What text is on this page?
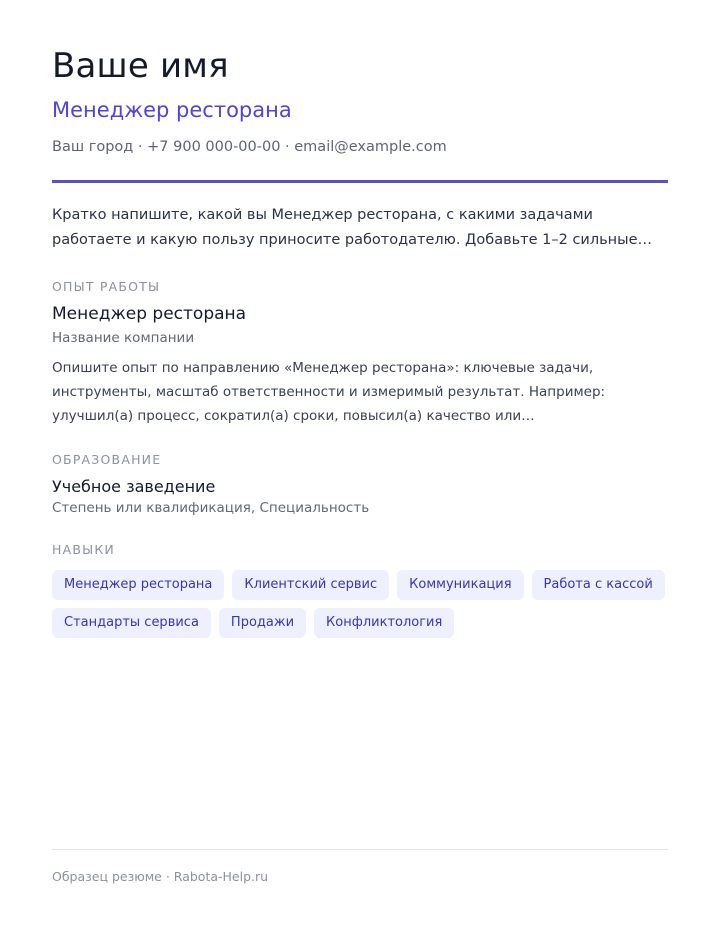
Ваше имя
Менеджер ресторана
Ваш город · +7 900 000-00-00 · email@example.com

Кратко напишите, какой вы Менеджер ресторана, с какими задачами работаете и какую пользу приносите работодателю. Добавьте 1–2 сильные…

ОПЫТ РАБОТЫ
Менеджер ресторана
Название компании

Опишите опыт по направлению «Менеджер ресторана»: ключевые задачи, инструменты, масштаб ответственности и измеримый результат. Например: улучшил(а) процесс, сократил(а) сроки, повысил(а) качество или…

ОБРАЗОВАНИЕ
Учебное заведение
Степень или квалификация, Специальность
НАВЫКИ
Менеджер ресторана	Клиентский сервис	Коммуникация	Работа с кассой
Стандарты сервиса	Продажи	Конфликтология
Образец резюме · Rabota-Help.ru
